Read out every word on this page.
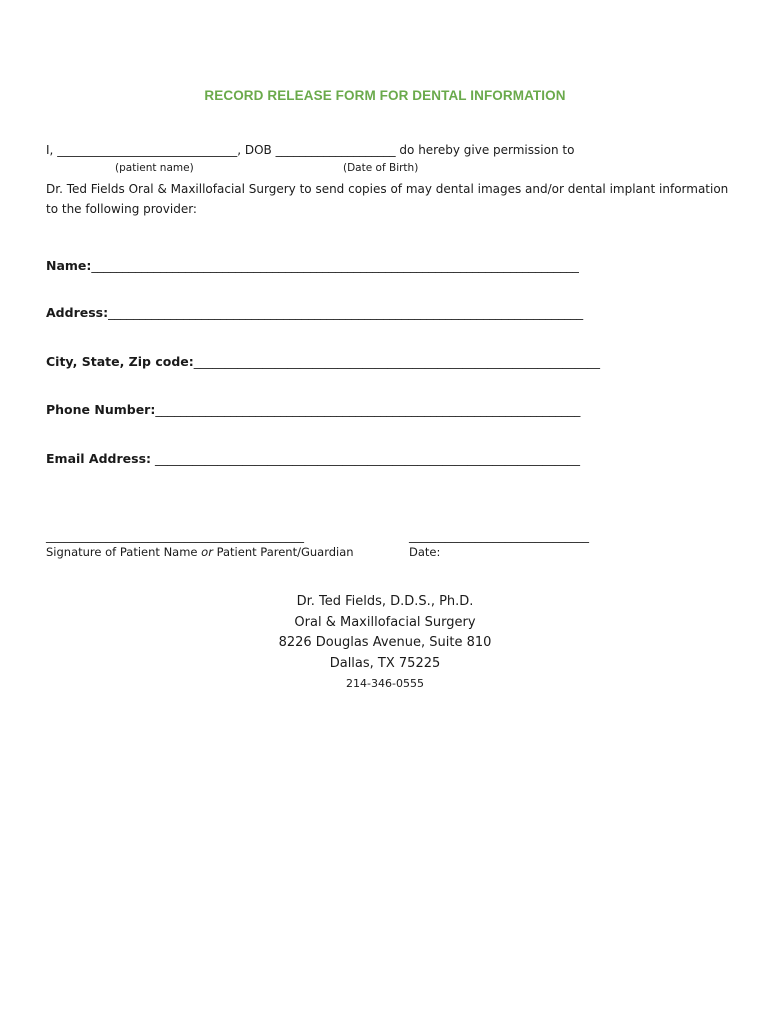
RECORD RELEASE FORM FOR DENTAL INFORMATION
I, ______________________________, DOB ____________________ do hereby give permission to
(patient name)	(Date of Birth)
Dr. Ted Fields Oral & Maxillofacial Surgery to send copies of may dental images and/or dental implant information to the following provider:
Name:______________________________________________________________________________
Address:____________________________________________________________________________
City, State, Zip code:_________________________________________________________________
Phone Number:____________________________________________________________________
Email Address: ____________________________________________________________________
___________________________________________	______________________________
Signature of Patient Name or Patient Parent/Guardian	Date:
Dr. Ted Fields, D.D.S., Ph.D.
Oral & Maxillofacial Surgery
8226 Douglas Avenue, Suite 810
Dallas, TX 75225
214-346-0555
